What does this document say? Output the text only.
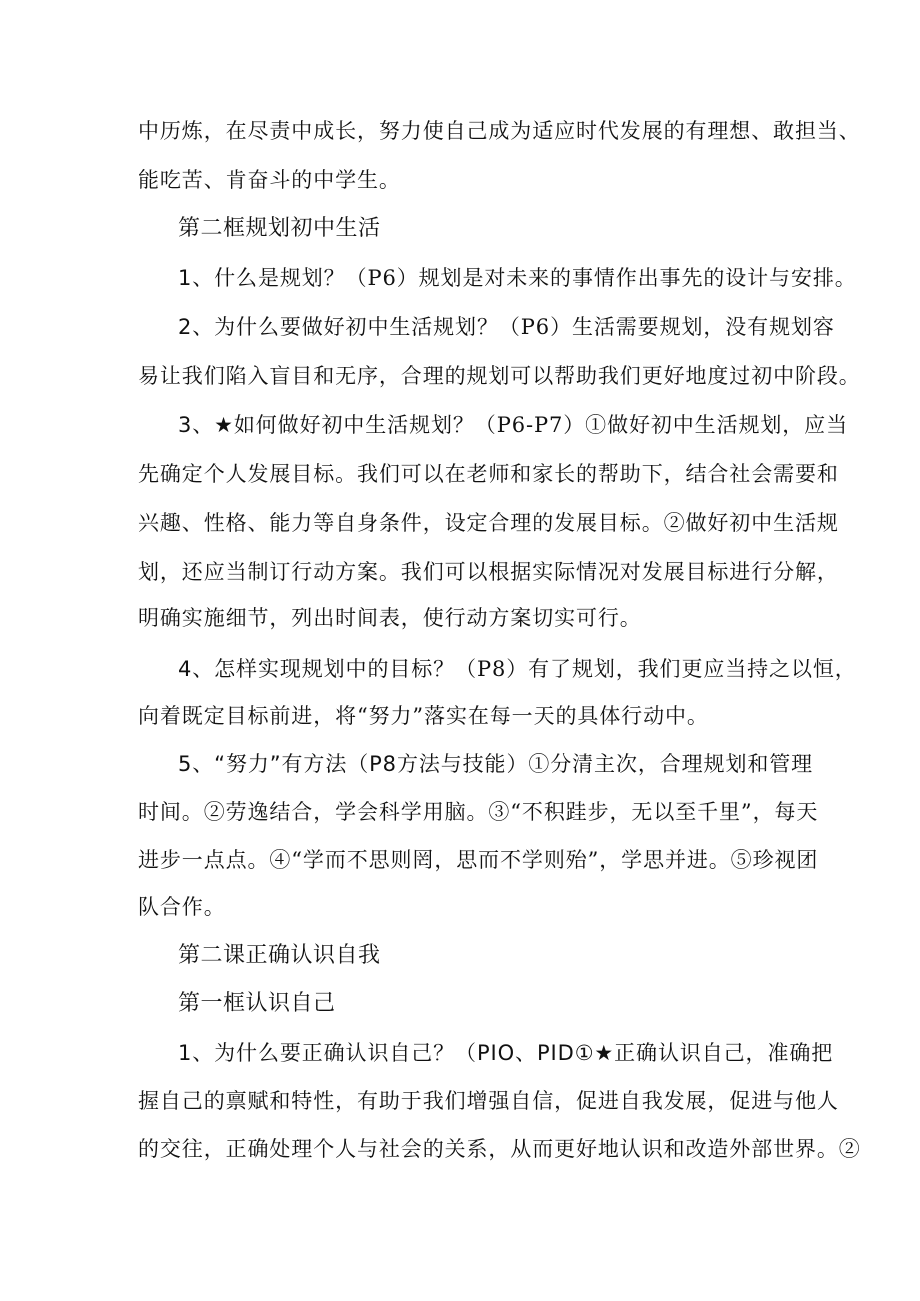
中历炼，在尽责中成长，努力使自己成为适应时代发展的有理想、敢担当、
能吃苦、肯奋斗的中学生。
第二框规划初中生活
1、什么是规划？（P6）规划是对未来的事情作出事先的设计与安排。
2、为什么要做好初中生活规划？（P6）生活需要规划，没有规划容
易让我们陷入盲目和无序，合理的规划可以帮助我们更好地度过初中阶段。
3、★如何做好初中生活规划？（P6-P7）①做好初中生活规划，应当
先确定个人发展目标。我们可以在老师和家长的帮助下，结合社会需要和
兴趣、性格、能力等自身条件，设定合理的发展目标。②做好初中生活规
划，还应当制订行动方案。我们可以根据实际情况对发展目标进行分解，
明确实施细节，列出时间表，使行动方案切实可行。
4、怎样实现规划中的目标？（P8）有了规划，我们更应当持之以恒，
向着既定目标前进，将“努力”落实在每一天的具体行动中。
5、“努力”有方法（P8方法与技能）①分清主次，合理规划和管理
时间。②劳逸结合，学会科学用脑。③“不积跬步，无以至千里”，每天
进步一点点。④“学而不思则罔，思而不学则殆”，学思并进。⑤珍视团
队合作。
第二课正确认识自我
第一框认识自己
1、为什么要正确认识自己？（PIO、PID①★正确认识自己，准确把
握自己的禀赋和特性，有助于我们增强自信，促进自我发展，促进与他人
的交往，正确处理个人与社会的关系，从而更好地认识和改造外部世界。②
